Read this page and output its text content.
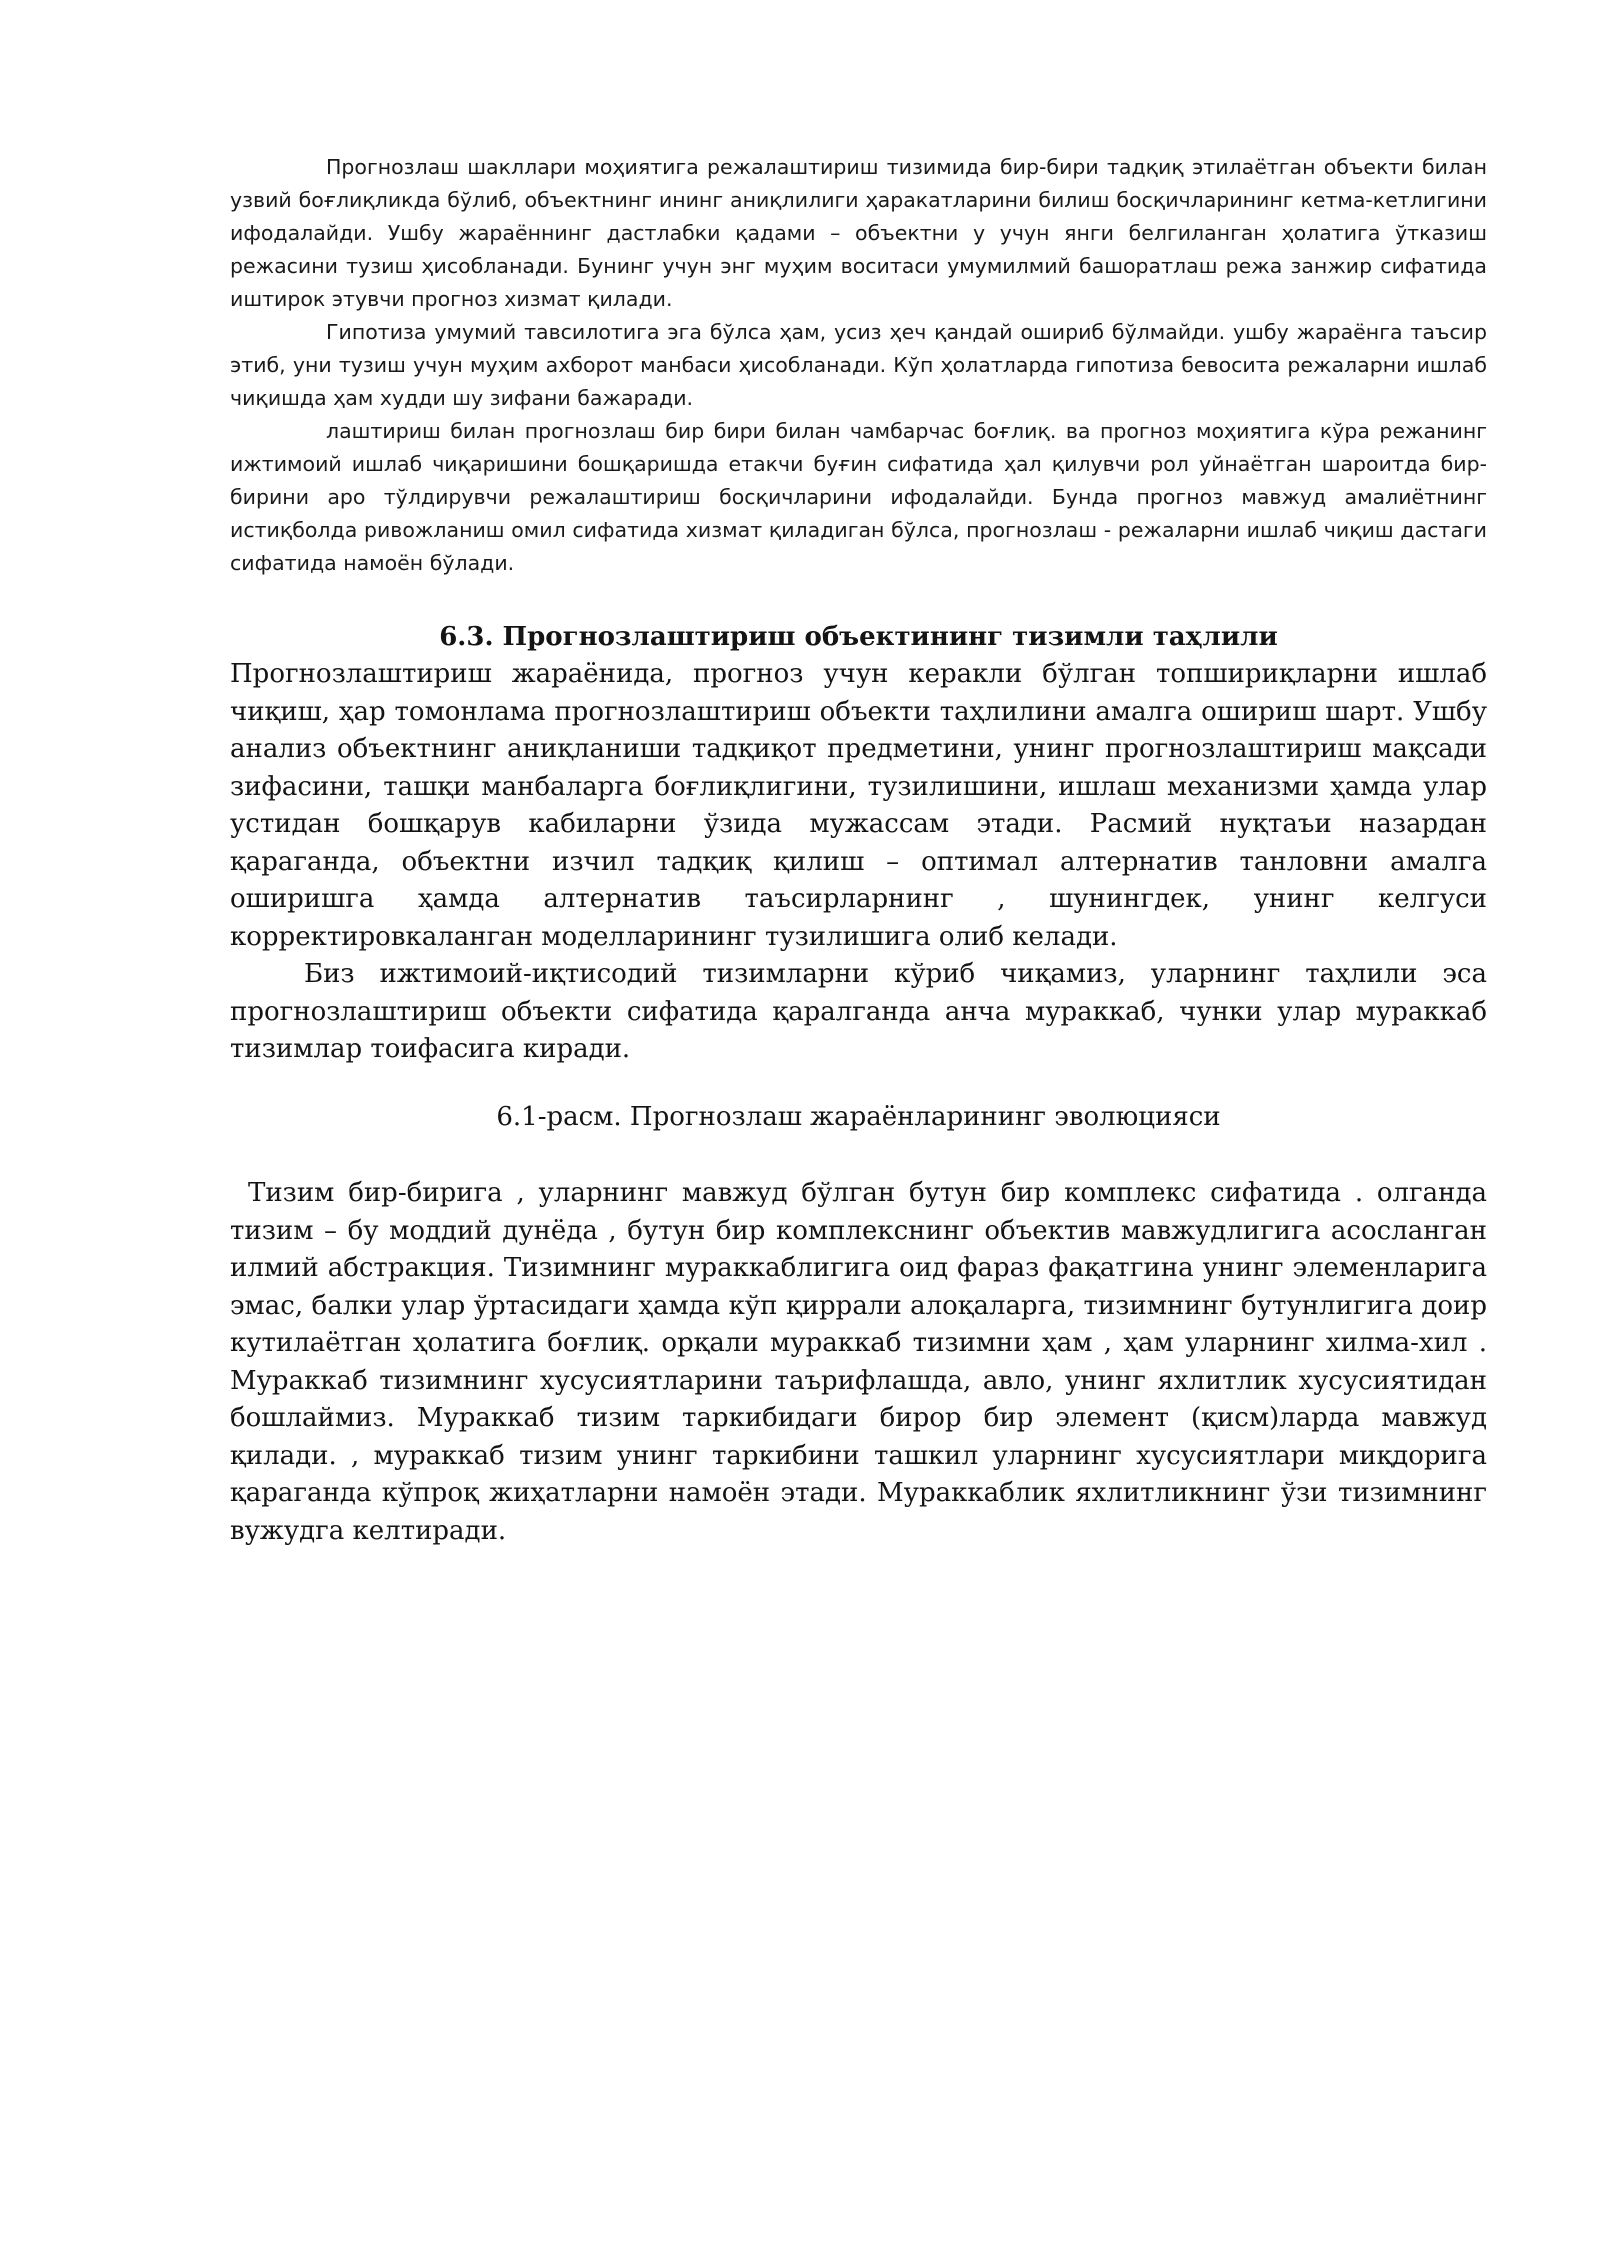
Прогнозлаш шакллари моҳиятига режалаштириш тизимида бир-бири тадқиқ этилаётган объекти билан узвий боғлиқликда бўлиб, объектнинг ининг аниқлилиги ҳаракатларини билиш босқичларининг кетма-кетлигини ифодалайди. Ушбу жараённинг дастлабки қадами – объектни у учун янги белгиланган ҳолатига ўтказиш режасини тузиш ҳисобланади. Бунинг учун энг муҳим воситаси умумилмий башоратлаш режа занжир сифатида иштирок этувчи прогноз хизмат қилади.

Гипотиза умумий тавсилотига эга бўлса ҳам, усиз ҳеч қандай ошириб бўлмайди. ушбу жараёнга таъсир этиб, уни тузиш учун муҳим ахборот манбаси ҳисобланади. Кўп ҳолатларда гипотиза бевосита режаларни ишлаб чиқишда ҳам худди шу зифани бажаради.

лаштириш билан прогнозлаш бир бири билан чамбарчас боғлиқ. ва прогноз моҳиятига кўра режанинг ижтимоий ишлаб чиқаришини бошқаришда етакчи буғин сифатида ҳал қилувчи рол уйнаётган шароитда бир-бирини аро тўлдирувчи режалаштириш босқичларини ифодалайди. Бунда прогноз мавжуд амалиётнинг истиқболда ривожланиш омил сифатида хизмат қиладиган бўлса, прогнозлаш - режаларни ишлаб чиқиш дастаги сифатида намоён бўлади.

6.3. Прогнозлаштириш объектининг тизимли таҳлили

Прогнозлаштириш жараёнида, прогноз учун керакли бўлган топшириқларни ишлаб чиқиш, ҳар томонлама прогнозлаштириш объекти таҳлилини амалга ошириш шарт. Ушбу анализ объектнинг аниқланиши тадқиқот предметини, унинг прогнозлаштириш мақсади зифасини, ташқи манбаларга боғлиқлигини, тузилишини, ишлаш механизми ҳамда улар устидан бошқарув кабиларни ўзида мужассам этади. Расмий нуқтаъи назардан қараганда, объектни изчил тадқиқ қилиш – оптимал алтернатив танловни амалга оширишга ҳамда алтернатив таъсирларнинг , шунингдек, унинг келгуси корректировкаланган моделларининг тузилишига олиб келади.

Биз ижтимоий-иқтисодий тизимларни кўриб чиқамиз, уларнинг таҳлили эса прогнозлаштириш объекти сифатида қаралганда анча мураккаб, чунки улар мураккаб тизимлар тоифасига киради.

6.1-расм. Прогнозлаш жараёнларининг эволюцияси

Тизим бир-бирига , уларнинг мавжуд бўлган бутун бир комплекс сифатида . олганда тизим – бу моддий дунёда , бутун бир комплекснинг объектив мавжудлигига асосланган илмий абстракция. Тизимнинг мураккаблигига оид фараз фақатгина унинг элеменларига эмас, балки улар ўртасидаги ҳамда кўп қиррали алоқаларга, тизимнинг бутунлигига доир кутилаётган ҳолатига боғлиқ. орқали мураккаб тизимни ҳам , ҳам уларнинг хилма-хил . Мураккаб тизимнинг хусусиятларини таърифлашда, авло, унинг яхлитлик хусусиятидан бошлаймиз. Мураккаб тизим таркибидаги бирор бир элемент (қисм)ларда мавжуд қилади. , мураккаб тизим унинг таркибини ташкил уларнинг хусусиятлари миқдорига қараганда кўпроқ жиҳатларни намоён этади. Мураккаблик яхлитликнинг ўзи тизимнинг вужудга келтиради.
